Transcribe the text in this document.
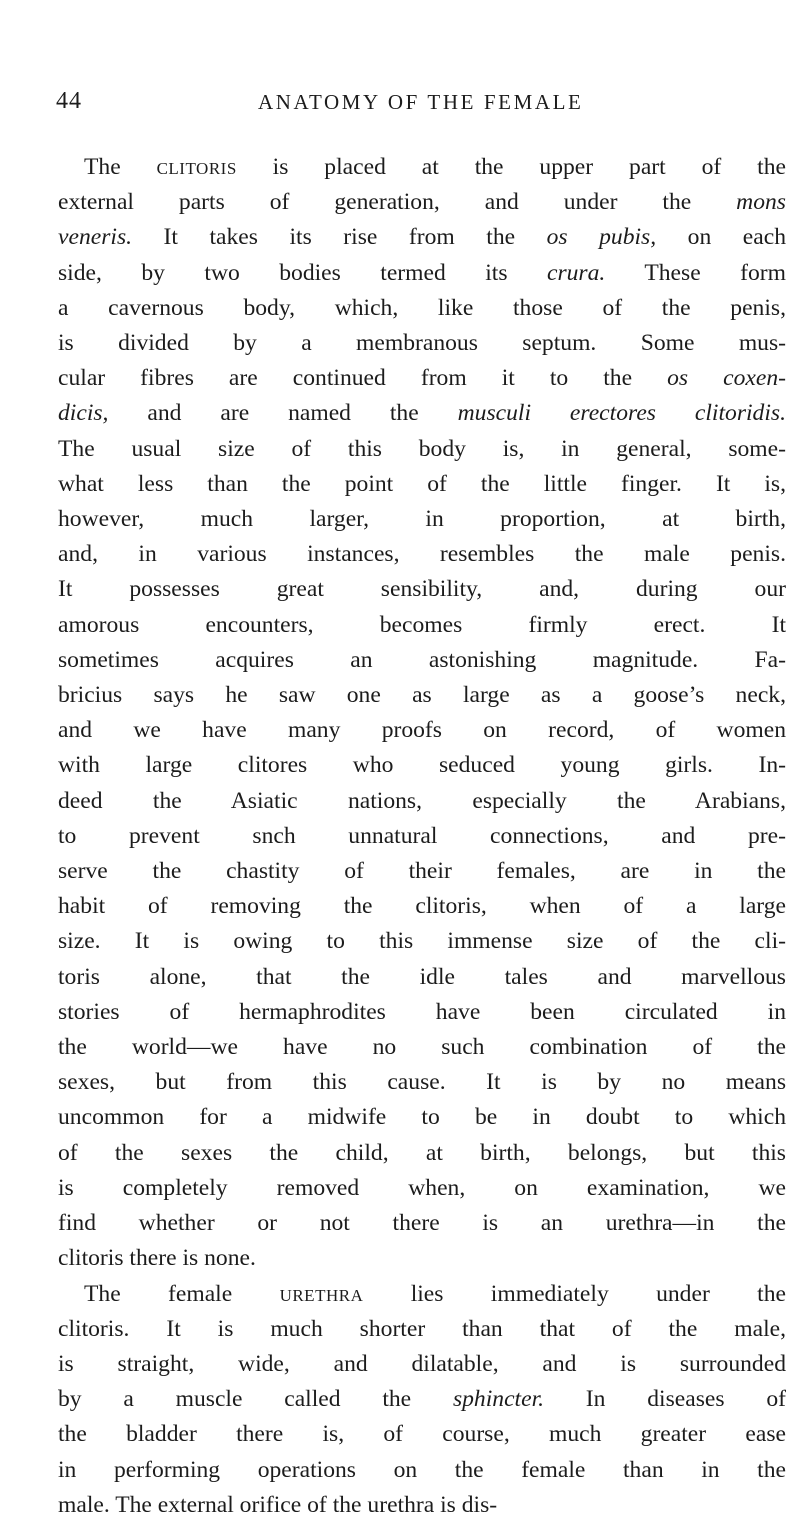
44	ANATOMY OF THE FEMALE
The clitoris is placed at the upper part of the
external parts of generation, and under the mons
veneris. It takes its rise from the os pubis, on each
side, by two bodies termed its crura. These form
a cavernous body, which, like those of the penis,
is divided by a membranous septum. Some mus-
cular fibres are continued from it to the os coxen-
dicis, and are named the musculi erectores clitoridis.
The usual size of this body is, in general, some-
what less than the point of the little finger. It is,
however, much larger, in proportion, at birth,
and, in various instances, resembles the male penis.
It possesses great sensibility, and, during our
amorous encounters, becomes firmly erect. It
sometimes acquires an astonishing magnitude. Fa-
bricius says he saw one as large as a goose’s neck,
and we have many proofs on record, of women
with large clitores who seduced young girls. In-
deed the Asiatic nations, especially the Arabians,
to prevent snch unnatural connections, and pre-
serve the chastity of their females, are in the
habit of removing the clitoris, when of a large
size. It is owing to this immense size of the cli-
toris alone, that the idle tales and marvellous
stories of hermaphrodites have been circulated in
the world—we have no such combination of the
sexes, but from this cause. It is by no means
uncommon for a midwife to be in doubt to which
of the sexes the child, at birth, belongs, but this
is completely removed when, on examination, we
find whether or not there is an urethra—in the
clitoris there is none.
The female urethra lies immediately under the
clitoris. It is much shorter than that of the male,
is straight, wide, and dilatable, and is surrounded
by a muscle called the sphincter. In diseases of
the bladder there is, of course, much greater ease
in performing operations on the female than in the
male. The external orifice of the urethra is dis-
